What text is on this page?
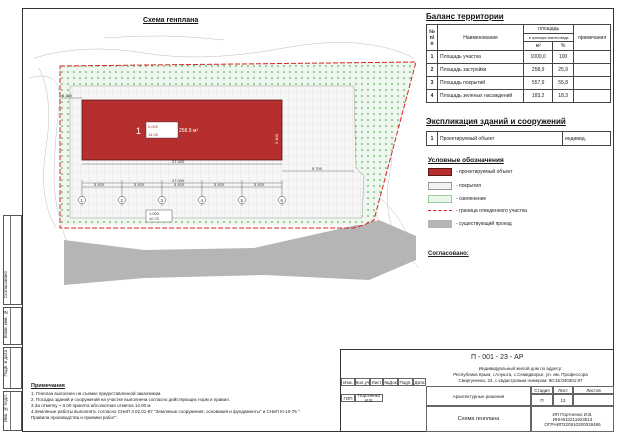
Согласовано
Взам. инв. №
Подп. и дата
Инв. № подл.
Схема генплана
1 0.000
14.00
258.9 м²
9 400
27 400
27 000
5 200
5 700
5 400	5 400	5 400	5 400	5 400
1	2	3	4	5	6
1.000
10.70
Баланс территории
№ п/п	Наименование	площадь		примечания
		в границах землеотвода		
		м²	%	
1	Площадь участка	1000,0	100	
2	Площадь застройки	258,9	25,9	
3	Площадь покрытий	557,9	55,8	
4	Площадь зеленых насаждений	183,2	18,3	
Экспликация зданий и сооружений
1	Проектируемый объект	индивид.
Условные обозначения
- проектируемый объект
- покрытия
- озеленение
- граница отведенного участка
- существующий проезд
Согласовано:
Примечания
1. Генплан выполнен на съемке предоставленной заказчиком.
2. Посадка зданий и сооружений на участке выполнена согласно действующих норм и правил.
3.За отметку + 0.00 принята абсолютная отметка 14.00 м
4.Земляные работы выполнять согласно СНиП 3.02.01-87 "Земляные сооружения, основания и фундаменты" и СНиП III-10-75 "
Правила производства и приемки работ".
П - 001 - 23 - АР
Индивидуальный жилой дом по адресу:
Республика Крым, г.Алушта, с.Семидворье, ул. им. Профессора
Свиргуненко, 24, с кадастровым номером: 90:15:040301:97
Изм. Кол.уч Лист №Док Подп. Дата
ГИП	Портненко И.В.
Архитектурные решения
Стадия	Лист	Листов
П	13
Схема генплана
ИП Портненко И.В.
ИНН910211923513
ОГРНИП320910200028486
